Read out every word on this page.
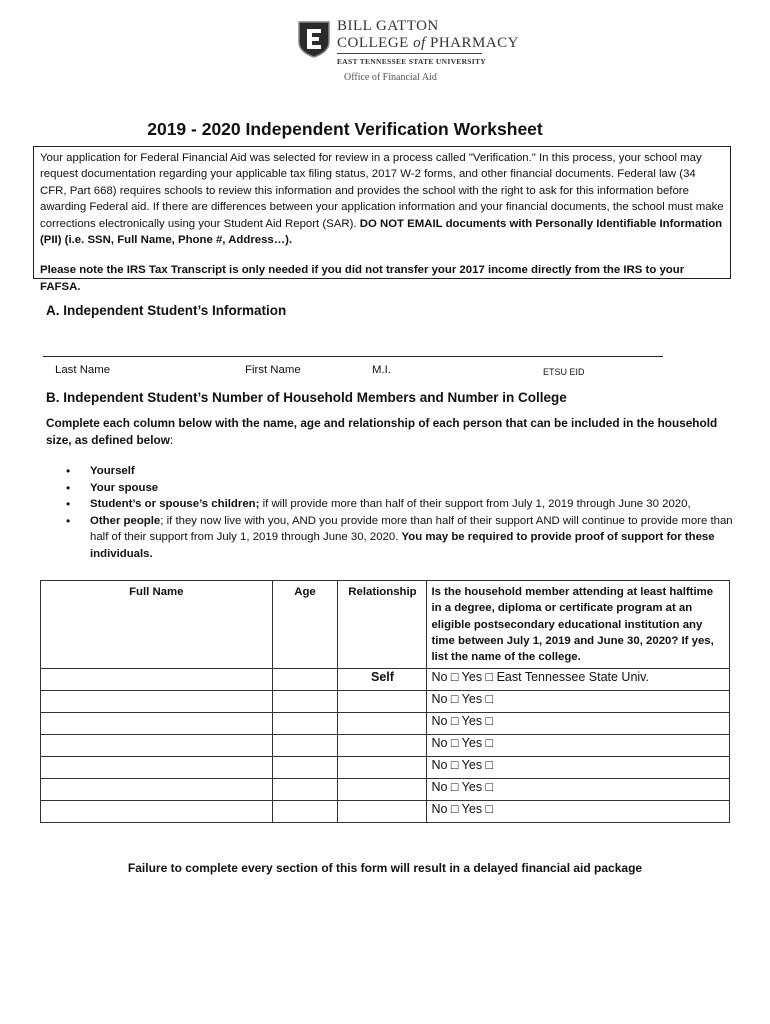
BILL GATTON
COLLEGE of PHARMACY
EAST TENNESSEE STATE UNIVERSITY
Office of Financial Aid
2019 - 2020 Independent Verification Worksheet

Your application for Federal Financial Aid was selected for review in a process called "Verification." In this process, your school may request documentation regarding your applicable tax filing status, 2017 W-2 forms, and other financial documents. Federal law (34 CFR, Part 668) requires schools to review this information and provides the school with the right to ask for this information before awarding Federal aid. If there are differences between your application information and your financial documents, the school must make corrections electronically using your Student Aid Report (SAR). DO NOT EMAIL documents with Personally Identifiable Information (PII) (i.e. SSN, Full Name, Phone #, Address…).

Please note the IRS Tax Transcript is only needed if you did not transfer your 2017 income directly from the IRS to your FAFSA.

A. Independent Student’s Information
Last Name	First Name	M.I.	ETSU EID
B. Independent Student’s Number of Household Members and Number in College
Complete each column below with the name, age and relationship of each person that can be included in the household size, as defined below:
• Yourself
• Your spouse
• Student’s or spouse’s children; if will provide more than half of their support from July 1, 2019 through June 30 2020,
• Other people; if they now live with you, AND you provide more than half of their support AND will continue to provide more than half of their support from July 1, 2019 through June 30, 2020. You may be required to provide proof of support for these individuals.
Full Name	Age	Relationship	Is the household member attending at least halftime in a degree, diploma or certificate program at an eligible postsecondary educational institution any time between July 1, 2019 and June 30, 2020? If yes, list the name of the college.
		Self	No □ Yes □ East Tennessee State Univ.
			No □ Yes □
			No □ Yes □
			No □ Yes □
			No □ Yes □
			No □ Yes □
			No □ Yes □
Failure to complete every section of this form will result in a delayed financial aid package
